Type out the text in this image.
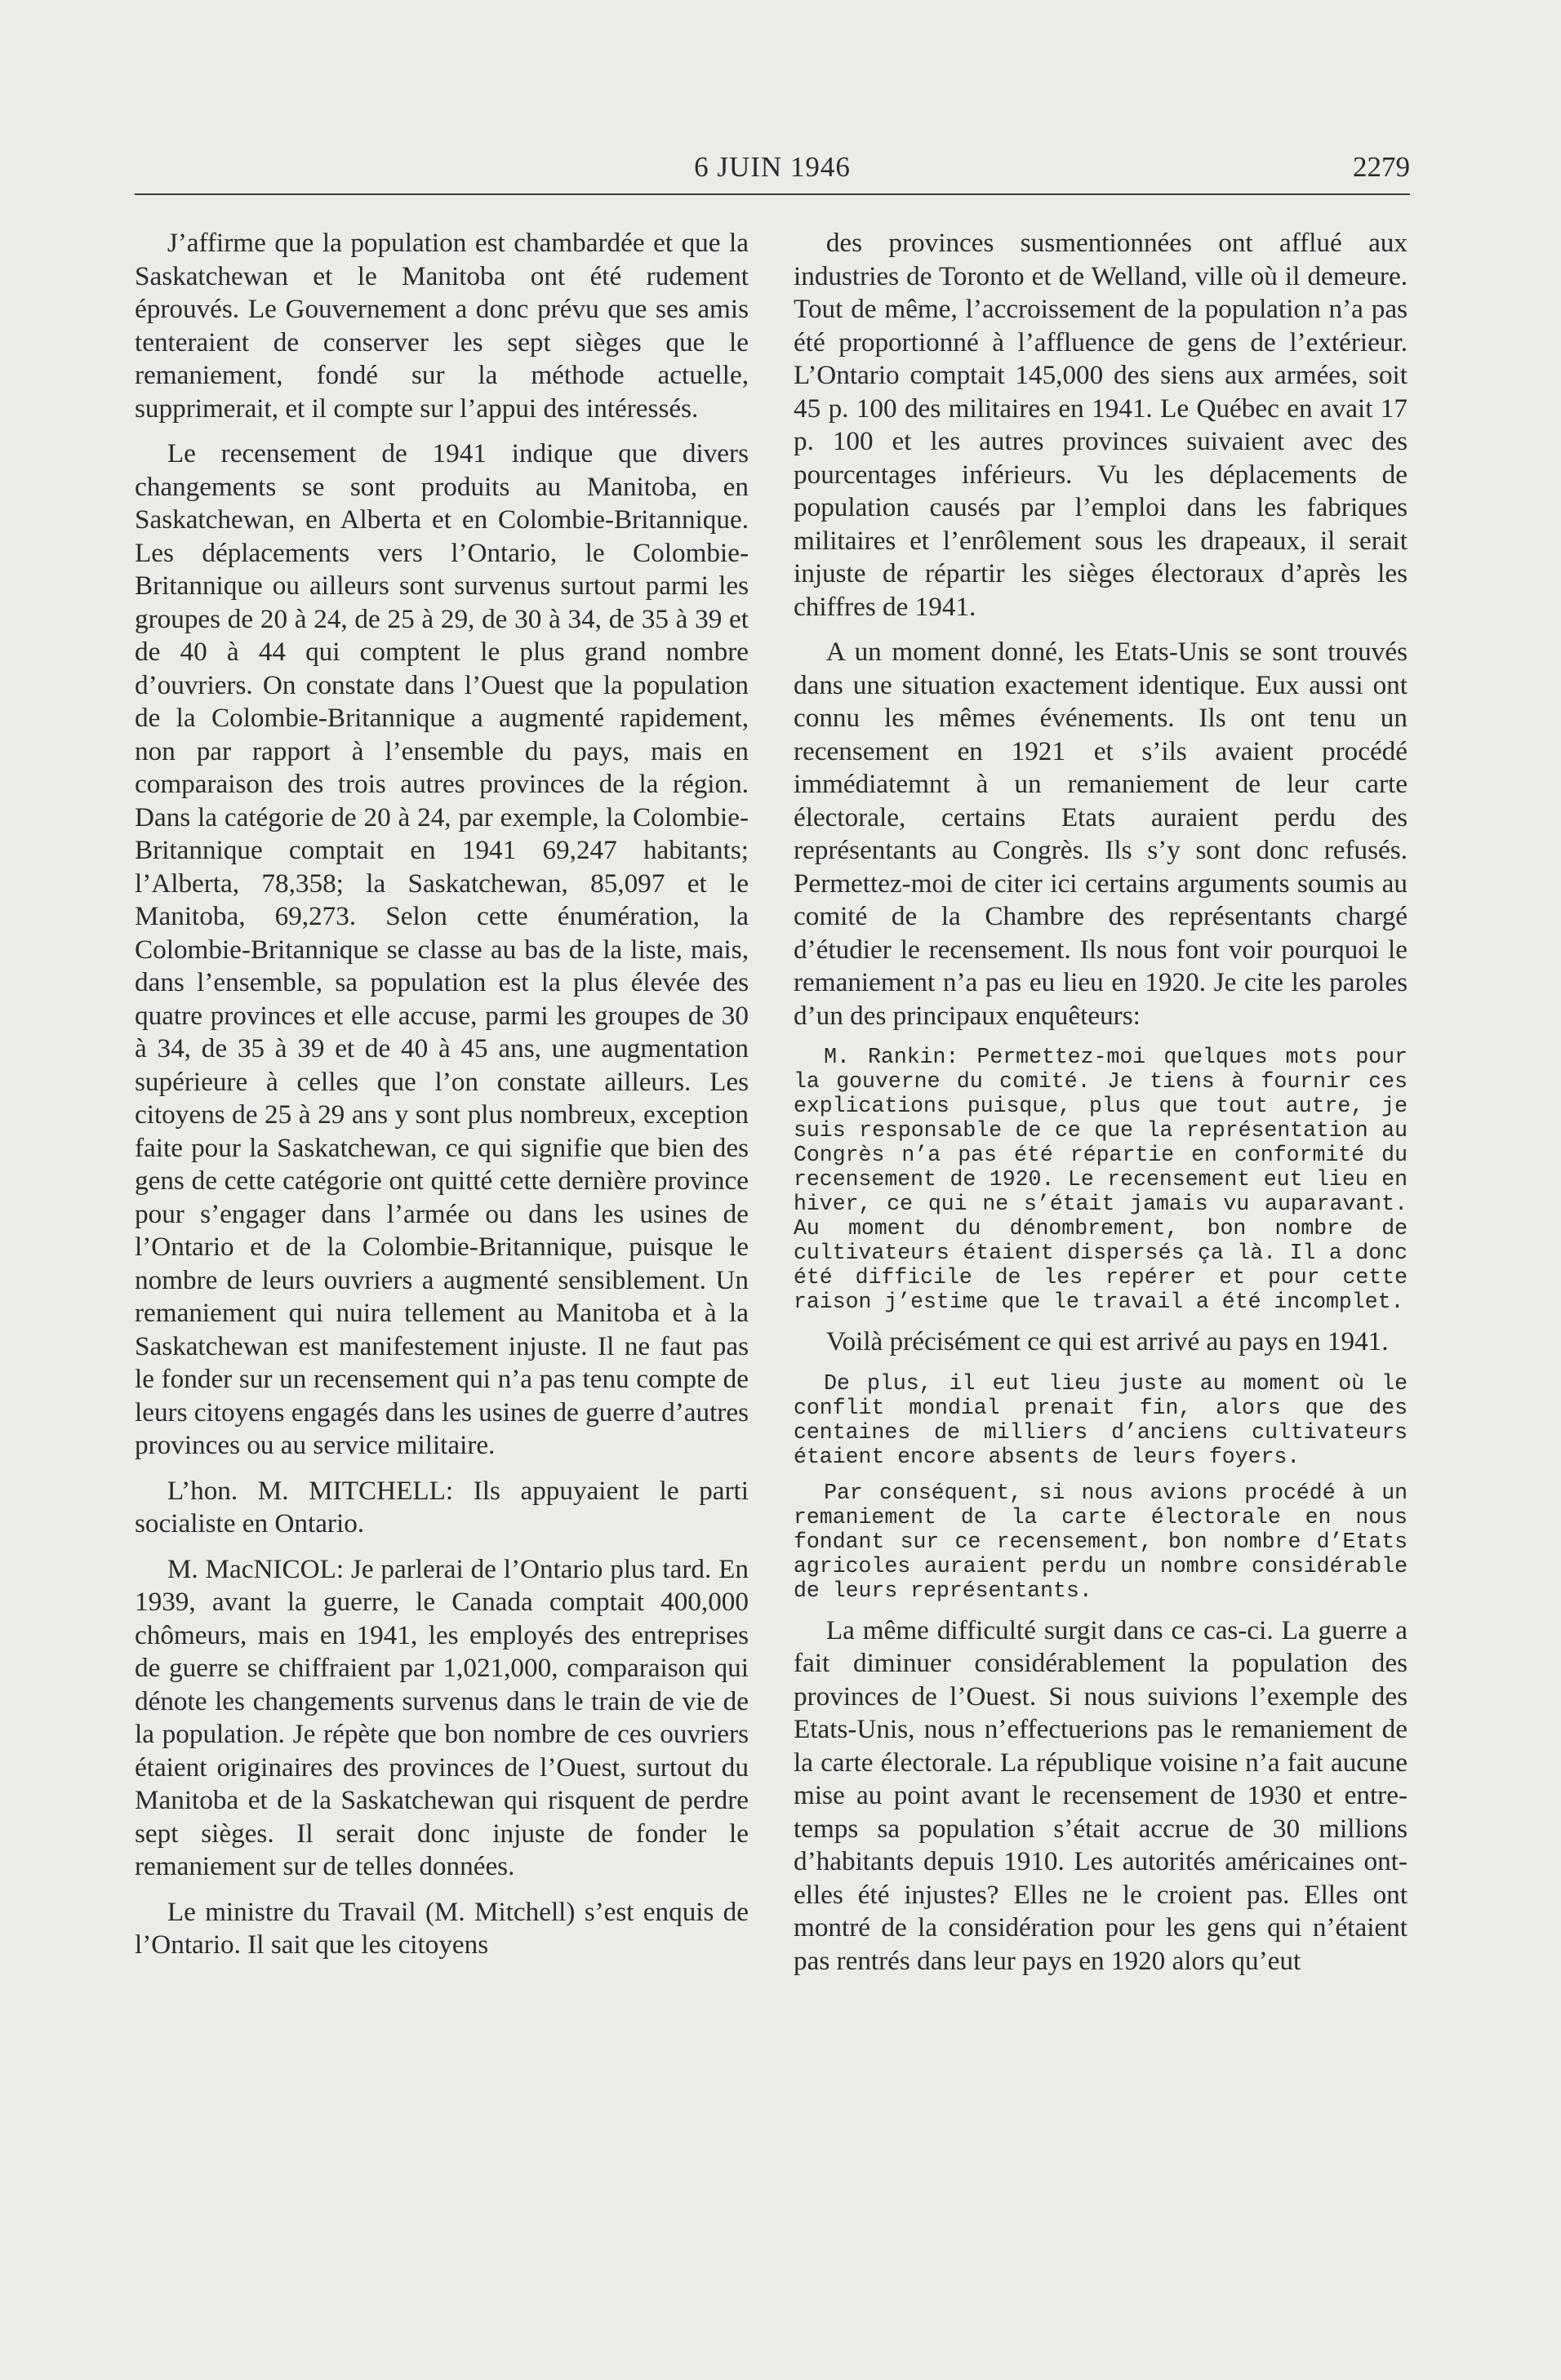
6 JUIN 1946	2279

J’affirme que la population est chambardée et que la Saskatchewan et le Manitoba ont été rudement éprouvés. Le Gouvernement a donc prévu que ses amis tenteraient de conserver les sept sièges que le remaniement, fondé sur la méthode actuelle, supprimerait, et il compte sur l’appui des intéressés.

Le recensement de 1941 indique que divers changements se sont produits au Manitoba, en Saskatchewan, en Alberta et en Colombie-Britannique. Les déplacements vers l’Ontario, le Colombie-Britannique ou ailleurs sont survenus surtout parmi les groupes de 20 à 24, de 25 à 29, de 30 à 34, de 35 à 39 et de 40 à 44 qui comptent le plus grand nombre d’ouvriers. On constate dans l’Ouest que la population de la Colombie-Britannique a augmenté rapidement, non par rapport à l’ensemble du pays, mais en comparaison des trois autres provinces de la région. Dans la catégorie de 20 à 24, par exemple, la Colombie-Britannique comptait en 1941 69,247 habitants; l’Alberta, 78,358; la Saskatchewan, 85,097 et le Manitoba, 69,273. Selon cette énumération, la Colombie-Britannique se classe au bas de la liste, mais, dans l’ensemble, sa population est la plus élevée des quatre provinces et elle accuse, parmi les groupes de 30 à 34, de 35 à 39 et de 40 à 45 ans, une augmentation supérieure à celles que l’on constate ailleurs. Les citoyens de 25 à 29 ans y sont plus nombreux, exception faite pour la Saskatchewan, ce qui signifie que bien des gens de cette catégorie ont quitté cette dernière province pour s’engager dans l’armée ou dans les usines de l’Ontario et de la Colombie-Britannique, puisque le nombre de leurs ouvriers a augmenté sensiblement. Un remaniement qui nuira tellement au Manitoba et à la Saskatchewan est manifestement injuste. Il ne faut pas le fonder sur un recensement qui n’a pas tenu compte de leurs citoyens engagés dans les usines de guerre d’autres provinces ou au service militaire.

L’hon. M. MITCHELL: Ils appuyaient le parti socialiste en Ontario.

M. MacNICOL: Je parlerai de l’Ontario plus tard. En 1939, avant la guerre, le Canada comptait 400,000 chômeurs, mais en 1941, les employés des entreprises de guerre se chiffraient par 1,021,000, comparaison qui dénote les changements survenus dans le train de vie de la population. Je répète que bon nombre de ces ouvriers étaient originaires des provinces de l’Ouest, surtout du Manitoba et de la Saskatchewan qui risquent de perdre sept sièges. Il serait donc injuste de fonder le remaniement sur de telles données.

Le ministre du Travail (M. Mitchell) s’est enquis de l’Ontario. Il sait que les citoyens

des provinces susmentionnées ont afflué aux industries de Toronto et de Welland, ville où il demeure. Tout de même, l’accroissement de la population n’a pas été proportionné à l’affluence de gens de l’extérieur. L’Ontario comptait 145,000 des siens aux armées, soit 45 p. 100 des militaires en 1941. Le Québec en avait 17 p. 100 et les autres provinces suivaient avec des pourcentages inférieurs. Vu les déplacements de population causés par l’emploi dans les fabriques militaires et l’enrôlement sous les drapeaux, il serait injuste de répartir les sièges électoraux d’après les chiffres de 1941.

A un moment donné, les Etats-Unis se sont trouvés dans une situation exactement identique. Eux aussi ont connu les mêmes événements. Ils ont tenu un recensement en 1921 et s’ils avaient procédé immédiatemnt à un remaniement de leur carte électorale, certains Etats auraient perdu des représentants au Congrès. Ils s’y sont donc refusés. Permettez-moi de citer ici certains arguments soumis au comité de la Chambre des représentants chargé d’étudier le recensement. Ils nous font voir pourquoi le remaniement n’a pas eu lieu en 1920. Je cite les paroles d’un des principaux enquêteurs:

M. Rankin: Permettez-moi quelques mots pour la gouverne du comité. Je tiens à fournir ces explications puisque, plus que tout autre, je suis responsable de ce que la représentation au Congrès n’a pas été répartie en conformité du recensement de 1920. Le recensement eut lieu en hiver, ce qui ne s’était jamais vu auparavant. Au moment du dénombrement, bon nombre de cultivateurs étaient dispersés ça là. Il a donc été difficile de les repérer et pour cette raison j’estime que le travail a été incomplet.

Voilà précisément ce qui est arrivé au pays en 1941.

De plus, il eut lieu juste au moment où le conflit mondial prenait fin, alors que des centaines de milliers d’anciens cultivateurs étaient encore absents de leurs foyers.

Par conséquent, si nous avions procédé à un remaniement de la carte électorale en nous fondant sur ce recensement, bon nombre d’Etats agricoles auraient perdu un nombre considérable de leurs représentants.

La même difficulté surgit dans ce cas-ci. La guerre a fait diminuer considérablement la population des provinces de l’Ouest. Si nous suivions l’exemple des Etats-Unis, nous n’effectuerions pas le remaniement de la carte électorale. La république voisine n’a fait aucune mise au point avant le recensement de 1930 et entre-temps sa population s’était accrue de 30 millions d’habitants depuis 1910. Les autorités américaines ont-elles été injustes? Elles ne le croient pas. Elles ont montré de la considération pour les gens qui n’étaient pas rentrés dans leur pays en 1920 alors qu’eut
